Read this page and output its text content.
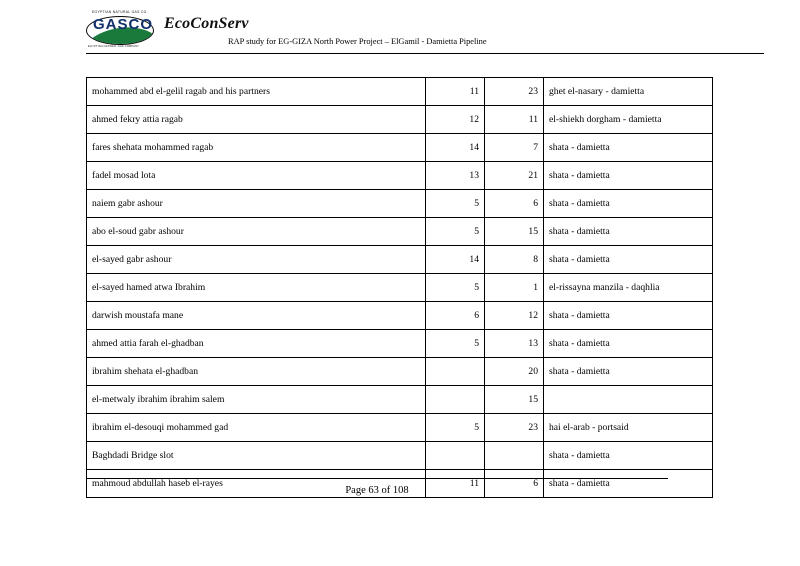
EGYPTIAN NATURAL GAS CO.
GASCO
EGYPTIAN NATURAL GAS COMPANY
EcoConServ
RAP study for EG-GIZA North Power Project – ElGamil - Damietta Pipeline
mohammed abd el-gelil ragab and his partners	11	23	ghet el-nasary - damietta
ahmed fekry attia ragab	12	11	el-shiekh dorgham - damietta
fares shehata mohammed ragab	14	7	shata - damietta
fadel mosad lota	13	21	shata - damietta
naiem gabr ashour	5	6	shata - damietta
abo el-soud gabr ashour	5	15	shata - damietta
el-sayed gabr ashour	14	8	shata - damietta
el-sayed hamed atwa Ibrahim	5	1	el-rissayna manzila - daqhlia
darwish moustafa mane	6	12	shata - damietta
ahmed attia farah el-ghadban	5	13	shata - damietta
ibrahim shehata el-ghadban		20	shata - damietta
el-metwaly ibrahim ibrahim salem		15	
ibrahim el-desouqi mohammed gad	5	23	hai el-arab - portsaid
Baghdadi Bridge slot			shata - damietta
mahmoud abdullah haseb el-rayes	11	6	shata - damietta
Page 63 of 108
